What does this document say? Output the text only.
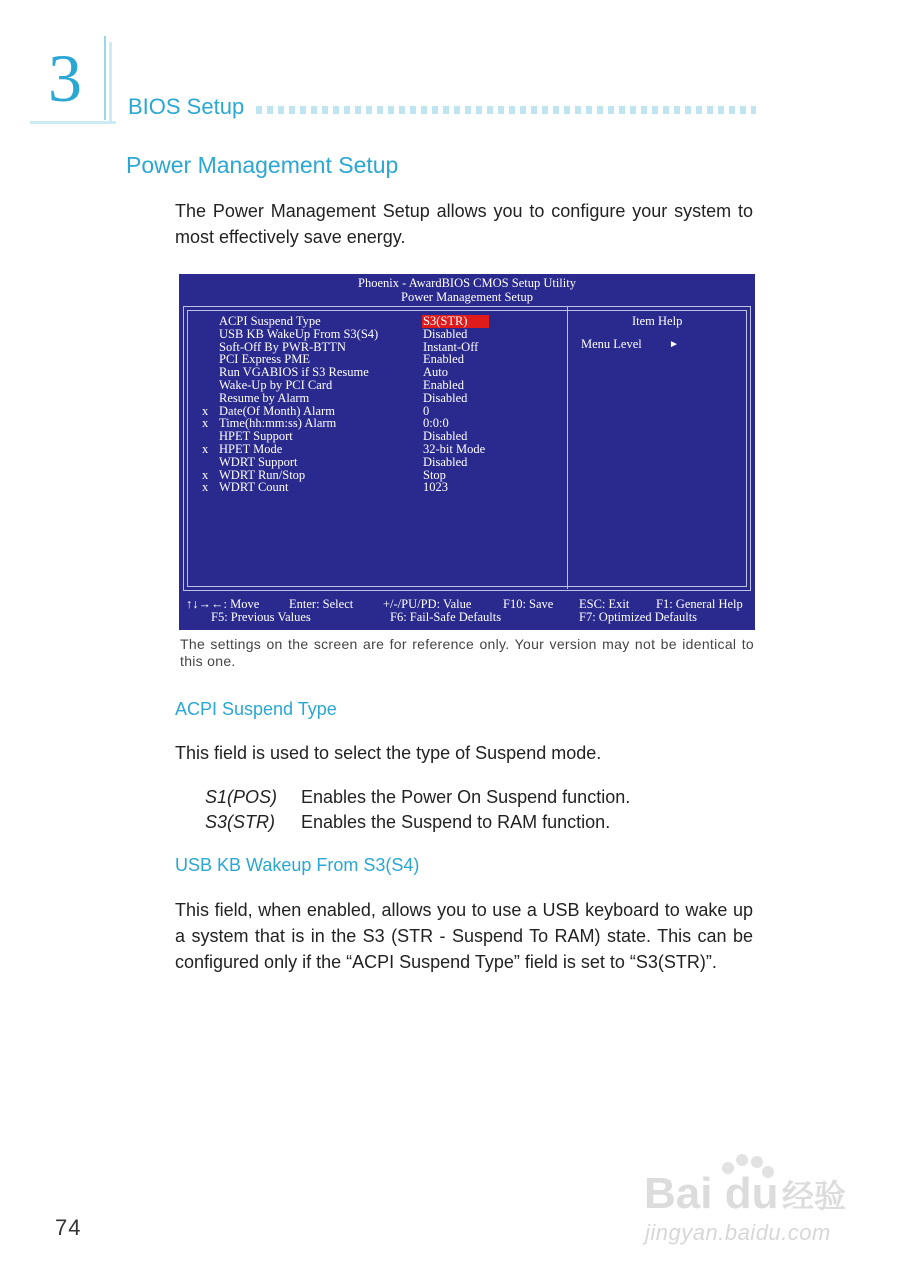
3 BIOS Setup
Power Management Setup
The Power Management Setup allows you to configure your system to most effectively save energy.
Phoenix - AwardBIOS CMOS Setup Utility
Power Management Setup
ACPI Suspend Type	S3(STR)
USB KB WakeUp From S3(S4)	Disabled
Soft-Off By PWR-BTTN	Instant-Off
PCI Express PME	Enabled
Run VGABIOS if S3 Resume	Auto
Wake-Up by PCI Card	Enabled
Resume by Alarm	Disabled
x Date(Of Month) Alarm	0
x Time(hh:mm:ss) Alarm	0:0:0
HPET Support	Disabled
x HPET Mode	32-bit Mode
WDRT Support	Disabled
x WDRT Run/Stop	Stop
x WDRT Count	1023
Item Help
Menu Level	►
↑↓→←: Move Enter: Select +/-/PU/PD: Value	F10: Save ESC: Exit F1: General Help
F5: Previous Values	F6: Fail-Safe Defaults	F7: Optimized Defaults
The settings on the screen are for reference only. Your version may not be identical to this one.
ACPI Suspend Type
This field is used to select the type of Suspend mode.
S1(POS) Enables the Power On Suspend function.
S3(STR) Enables the Suspend to RAM function.
USB KB Wakeup From S3(S4)
This field, when enabled, allows you to use a USB keyboard to wake up a system that is in the S3 (STR - Suspend To RAM) state. This can be configured only if the “ACPI Suspend Type” field is set to “S3(STR)”.
74
Bai du 经验
jingyan.baidu.com
